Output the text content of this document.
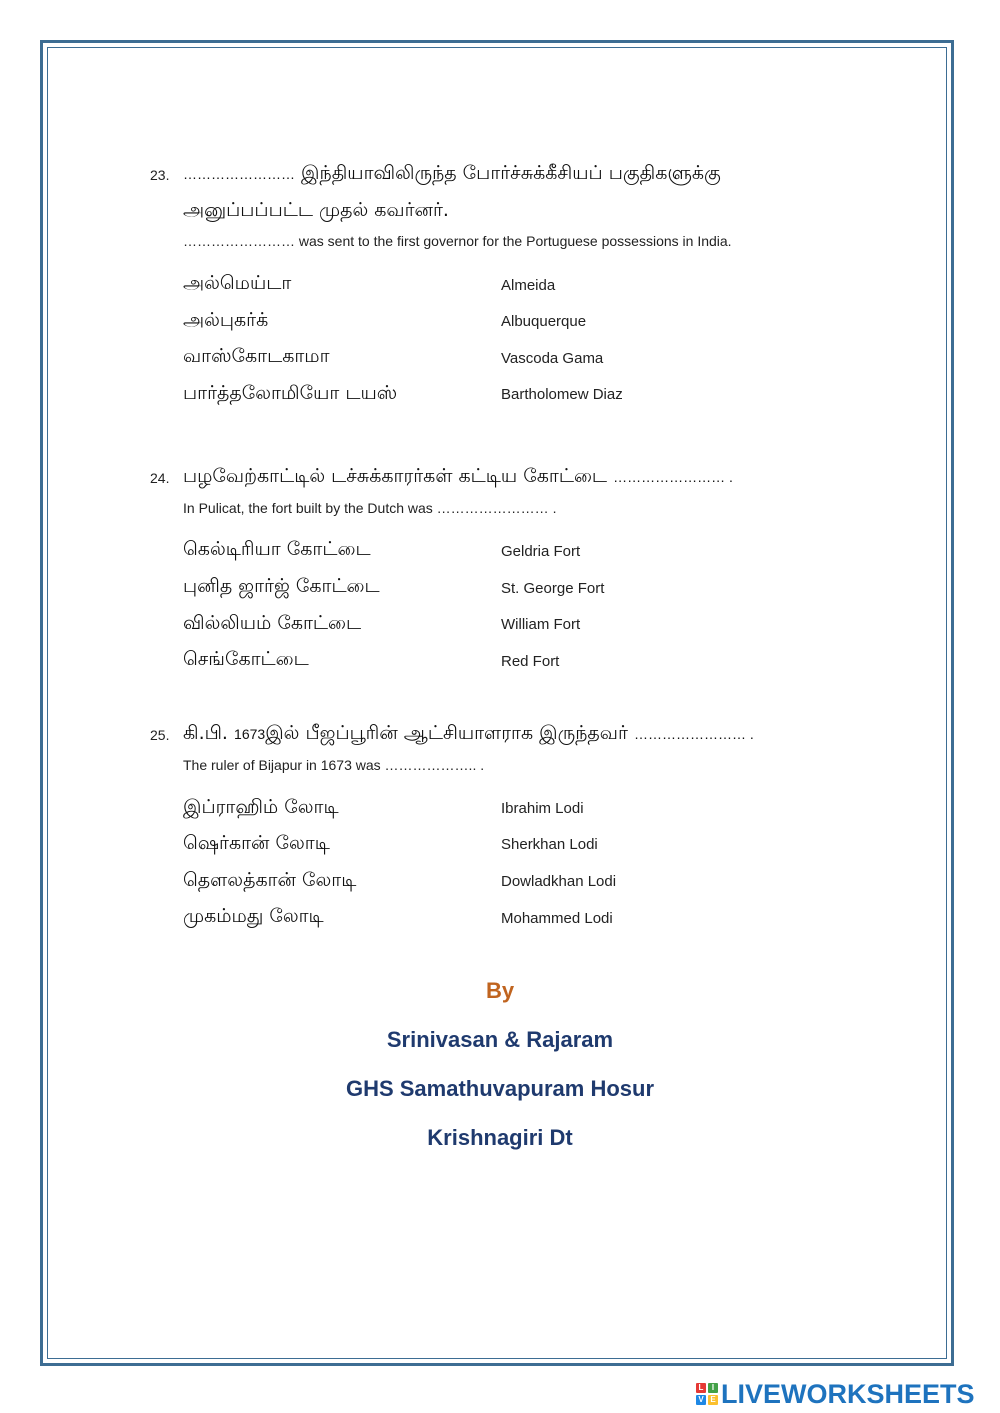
23. …………………… இந்தியாவிலிருந்த போர்ச்சுக்கீசியப் பகுதிகளுக்கு
அனுப்பப்பட்ட முதல் கவர்னர்.
…………………… was sent to the first governor for the Portuguese possessions in India.
அல்மெய்டா	Almeida
அல்புகர்க்	Albuquerque
வாஸ்கோடகாமா	Vascoda Gama
பார்த்தலோமியோ டயஸ்	Bartholomew Diaz
24. பழவேற்காட்டில் டச்சுக்காரர்கள் கட்டிய கோட்டை …………………… .
In Pulicat, the fort built by the Dutch was …………………… .
கெல்டிரியா கோட்டை	Geldria Fort
புனித ஜார்ஜ் கோட்டை	St. George Fort
வில்லியம் கோட்டை	William Fort
செங்கோட்டை	Red Fort
25. கி.பி. 1673இல் பீஜப்பூரின் ஆட்சியாளராக இருந்தவர் …………………… .
The ruler of Bijapur in 1673 was ……………….. .
இப்ராஹிம் லோடி	Ibrahim Lodi
ஷெர்கான் லோடி	Sherkhan Lodi
தௌலத்கான் லோடி	Dowladkhan Lodi
முகம்மது லோடி	Mohammed Lodi
By
Srinivasan & Rajaram
GHS Samathuvapuram Hosur
Krishnagiri Dt
L	I
V E LIVEWORKSHEETS
